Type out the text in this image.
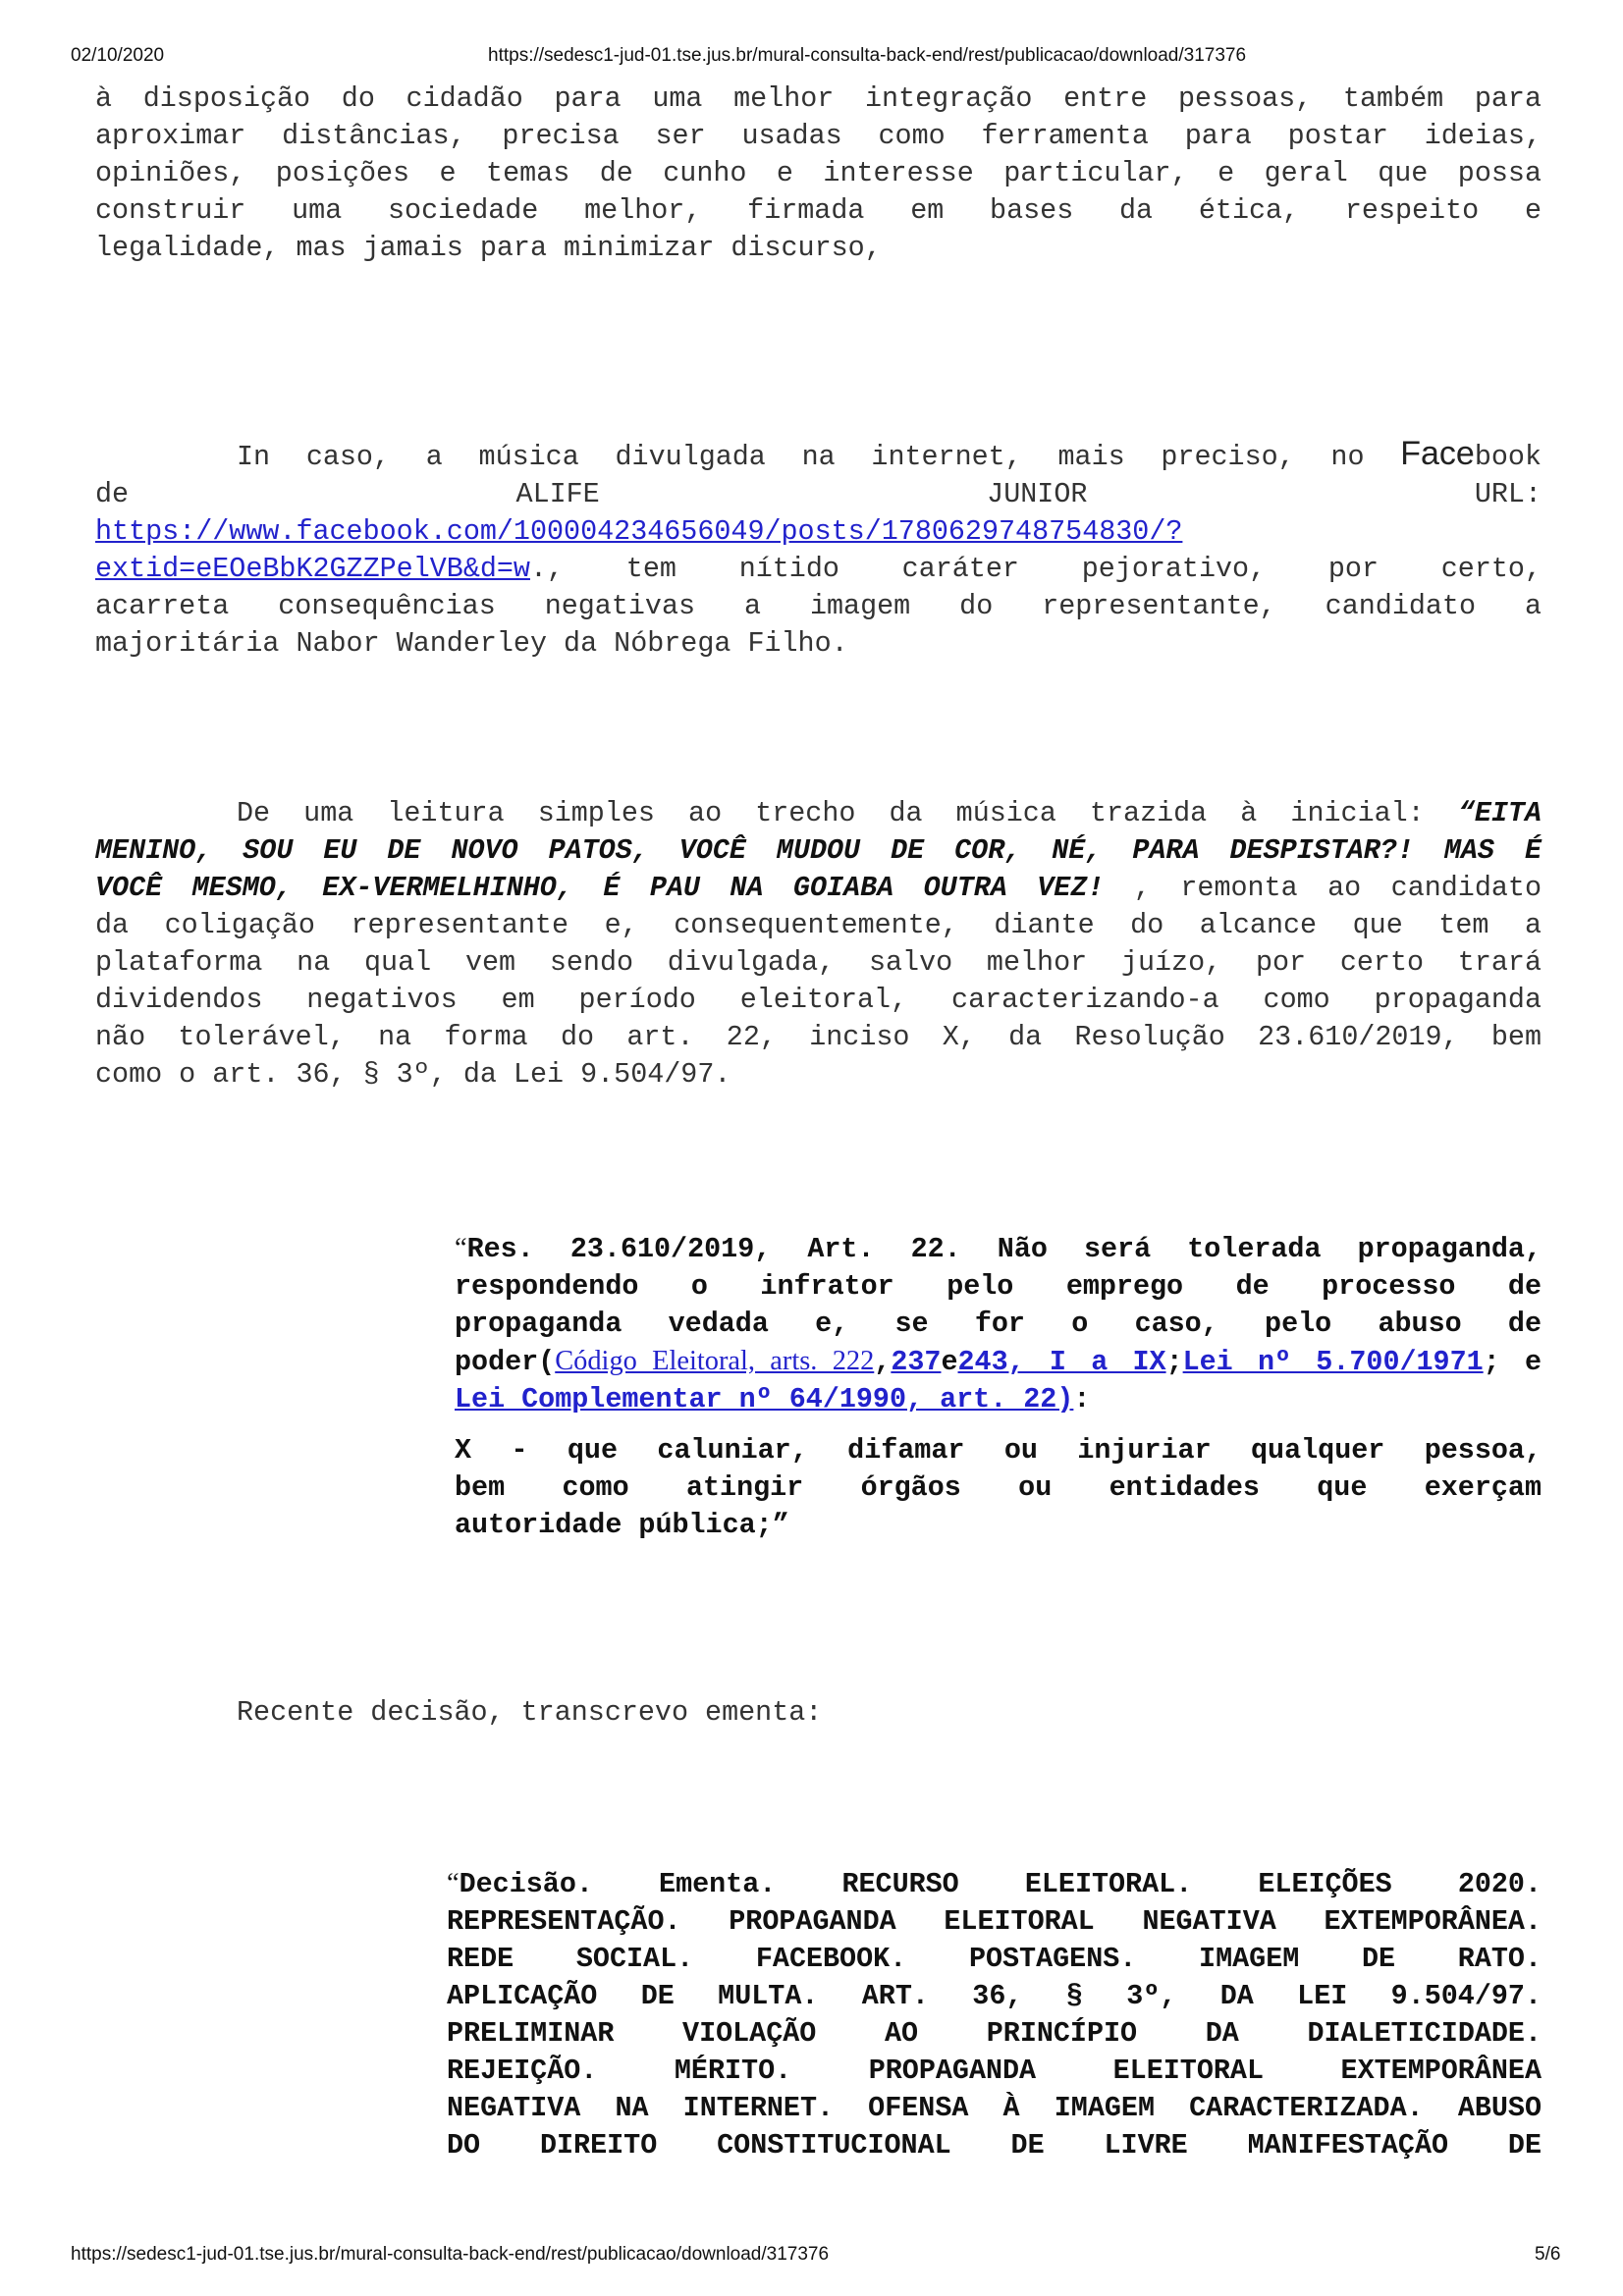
02/10/2020	https://sedesc1-jud-01.tse.jus.br/mural-consulta-back-end/rest/publicacao/download/317376
à disposição do cidadão para uma melhor integração entre pessoas, também para
aproximar distâncias, precisa ser usadas como ferramenta para postar ideias,
opiniões, posições e temas de cunho e interesse particular, e geral que possa
construir uma sociedade melhor, firmada em bases da ética, respeito e
legalidade, mas jamais para minimizar discurso,
In caso, a música divulgada na internet, mais preciso, no Facebook
de ALIFE JUNIOR URL:
https://www.facebook.com/100004234656049/posts/1780629748754830/?
extid=eEOeBbK2GZZPelVB&d=w., tem nítido caráter pejorativo, por certo,
acarreta consequências negativas a imagem do representante, candidato a
majoritária Nabor Wanderley da Nóbrega Filho.
De uma leitura simples ao trecho da música trazida à inicial: “EITA
MENINO, SOU EU DE NOVO PATOS, VOCÊ MUDOU DE COR, NÉ, PARA DESPISTAR?! MAS É
VOCÊ MESMO, EX-VERMELHINHO, É PAU NA GOIABA OUTRA VEZ! , remonta ao candidato
da coligação representante e, consequentemente, diante do alcance que tem a
plataforma na qual vem sendo divulgada, salvo melhor juízo, por certo trará
dividendos negativos em período eleitoral, caracterizando-a como propaganda
não tolerável, na forma do art. 22, inciso X, da Resolução 23.610/2019, bem
como o art. 36, § 3º, da Lei 9.504/97.
“Res. 23.610/2019, Art. 22. Não será tolerada propaganda,
respondendo o infrator pelo emprego de processo de
propaganda vedada e, se for o caso, pelo abuso de
poder(Código Eleitoral, arts. 222,237e243, I a IX;Lei nº 5.700/1971; e
Lei Complementar nº 64/1990, art. 22):
X - que caluniar, difamar ou injuriar qualquer pessoa,
bem como atingir órgãos ou entidades que exerçam
autoridade pública;”
Recente decisão, transcrevo ementa:
“Decisão. Ementa. RECURSO ELEITORAL. ELEIÇÕES 2020.
REPRESENTAÇÃO. PROPAGANDA ELEITORAL NEGATIVA EXTEMPORÂNEA.
REDE SOCIAL. FACEBOOK. POSTAGENS. IMAGEM DE RATO.
APLICAÇÃO DE MULTA. ART. 36, § 3º, DA LEI 9.504/97.
PRELIMINAR VIOLAÇÃO AO PRINCÍPIO DA DIALETICIDADE.
REJEIÇÃO. MÉRITO. PROPAGANDA ELEITORAL EXTEMPORÂNEA
NEGATIVA NA INTERNET. OFENSA À IMAGEM CARACTERIZADA. ABUSO
DO DIREITO CONSTITUCIONAL DE LIVRE MANIFESTAÇÃO DE
https://sedesc1-jud-01.tse.jus.br/mural-consulta-back-end/rest/publicacao/download/317376	5/6
